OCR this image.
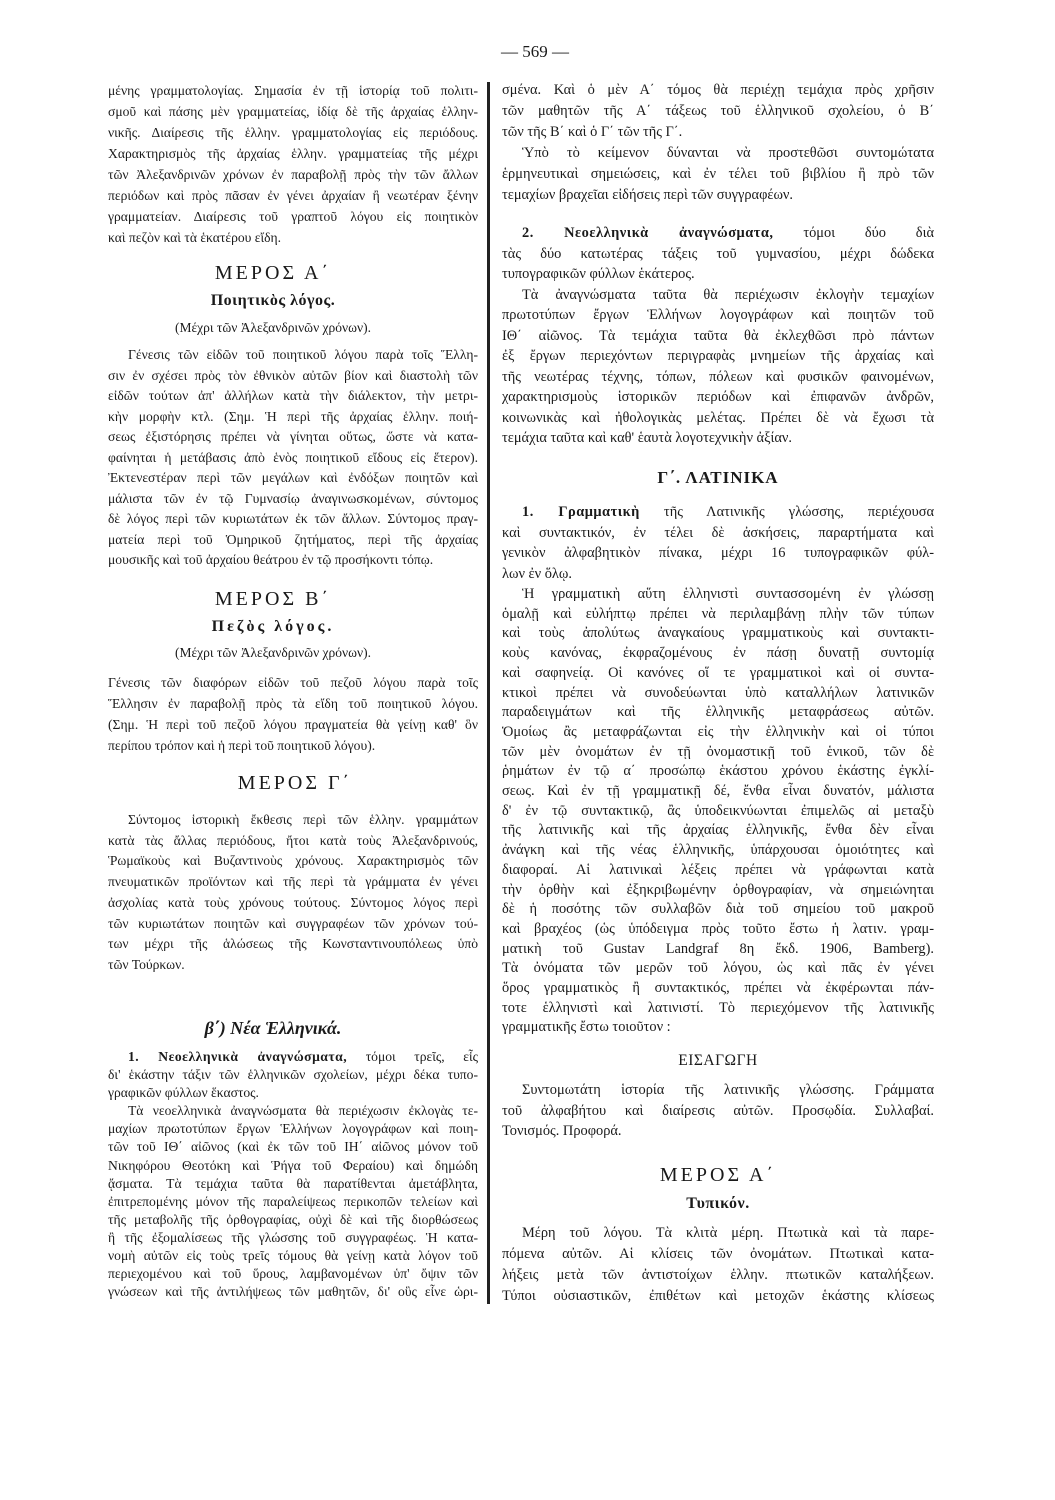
— 569 —
μένης γραμματολογίας. Σημασία ἐν τῇ ἱστορίᾳ τοῦ πολιτι-
σμοῦ καὶ πάσης μὲν γραμματείας, ἰδίᾳ δὲ τῆς ἀρχαίας ἑλλην-
νικῆς. Διαίρεσις τῆς ἑλλην. γραμματολογίας εἰς περιόδους.
Χαρακτηρισμὸς τῆς ἀρχαίας ἑλλην. γραμματείας τῆς μέχρι
τῶν Ἀλεξανδρινῶν χρόνων ἐν παραβολῇ πρὸς τὴν τῶν ἄλλων
περιόδων καὶ πρὸς πᾶσαν ἐν γένει ἀρχαίαν ἢ νεωτέραν ξένην
γραμματείαν. Διαίρεσις τοῦ γραπτοῦ λόγου εἰς ποιητικὸν
καὶ πεζὸν καὶ τὰ ἑκατέρου εἴδη.
ΜΕΡΟΣ Α΄
Ποιητικὸς λόγος.
(Μέχρι τῶν Ἀλεξανδρινῶν χρόνων).
Γένεσις τῶν εἰδῶν τοῦ ποιητικοῦ λόγου παρὰ τοῖς Ἕλλη-
σιν ἐν σχέσει πρὸς τὸν ἐθνικὸν αὐτῶν βίον καὶ διαστολὴ τῶν
εἰδῶν τούτων ἀπ' ἀλλήλων κατὰ τὴν διάλεκτον, τὴν μετρι-
κὴν μορφὴν κτλ. (Σημ. Ἡ περὶ τῆς ἀρχαίας ἑλλην. ποιή-
σεως ἐξιστόρησις πρέπει νὰ γίνηται οὕτως, ὥστε νὰ κατα-
φαίνηται ἡ μετάβασις ἀπὸ ἑνὸς ποιητικοῦ εἴδους εἰς ἕτερον).
Ἐκτενεστέραν περὶ τῶν μεγάλων καὶ ἐνδόξων ποιητῶν καὶ
μάλιστα τῶν ἐν τῷ Γυμνασίῳ ἀναγινωσκομένων, σύντομος
δὲ λόγος περὶ τῶν κυριωτάτων ἐκ τῶν ἄλλων. Σύντομος πραγ-
ματεία περὶ τοῦ Ὁμηρικοῦ ζητήματος, περὶ τῆς ἀρχαίας
μουσικῆς καὶ τοῦ ἀρχαίου θεάτρου ἐν τῷ προσήκοντι τόπῳ.
ΜΕΡΟΣ Β΄
Πεζὸς λόγος.
(Μέχρι τῶν Ἀλεξανδρινῶν χρόνων).
Γένεσις τῶν διαφόρων εἰδῶν τοῦ πεζοῦ λόγου παρὰ τοῖς
Ἕλλησιν ἐν παραβολῇ πρὸς τὰ εἴδη τοῦ ποιητικοῦ λόγου.
(Σημ. Ἡ περὶ τοῦ πεζοῦ λόγου πραγματεία θὰ γείνῃ καθ' ὃν
περίπου τρόπον καὶ ἡ περὶ τοῦ ποιητικοῦ λόγου).
ΜΕΡΟΣ Γ΄
Σύντομος ἱστορικὴ ἔκθεσις περὶ τῶν ἑλλην. γραμμάτων
κατὰ τὰς ἄλλας περιόδους, ἤτοι κατὰ τοὺς Ἀλεξανδρινούς,
Ῥωμαϊκοὺς καὶ Βυζαντινοὺς χρόνους. Χαρακτηρισμὸς τῶν
πνευματικῶν προϊόντων καὶ τῆς περὶ τὰ γράμματα ἐν γένει
ἀσχολίας κατὰ τοὺς χρόνους τούτους. Σύντομος λόγος περὶ
τῶν κυριωτάτων ποιητῶν καὶ συγγραφέων τῶν χρόνων τού-
των μέχρι τῆς ἁλώσεως τῆς Κωνσταντινουπόλεως ὑπὸ
τῶν Τούρκων.
β΄) Νέα Ἑλληνικά.
1. Νεοελληνικὰ ἀναγνώσματα, τόμοι τρεῖς, εἷς
δι' ἑκάστην τάξιν τῶν ἑλληνικῶν σχολείων, μέχρι δέκα τυπο-
γραφικῶν φύλλων ἕκαστος.
Τὰ νεοελληνικὰ ἀναγνώσματα θὰ περιέχωσιν ἐκλογὰς τε-
μαχίων πρωτοτύπων ἔργων Ἑλλήνων λογογράφων καὶ ποιη-
τῶν τοῦ ΙΘ΄ αἰῶνος (καὶ ἐκ τῶν τοῦ ΙΗ΄ αἰῶνος μόνον τοῦ
Νικηφόρου Θεοτόκη καὶ Ῥήγα τοῦ Φεραίου) καὶ δημώδη
ᾄσματα. Τὰ τεμάχια ταῦτα θὰ παρατίθενται ἀμετάβλητα,
ἐπιτρεπομένης μόνον τῆς παραλείψεως περικοπῶν τελείων καὶ
τῆς μεταβολῆς τῆς ὀρθογραφίας, οὐχὶ δὲ καὶ τῆς διορθώσεως
ἢ τῆς ἐξομαλίσεως τῆς γλώσσης τοῦ συγγραφέως. Ἡ κατα-
νομὴ αὐτῶν εἰς τοὺς τρεῖς τόμους θὰ γείνῃ κατὰ λόγον τοῦ
περιεχομένου καὶ τοῦ ὕρους, λαμβανομένων ὑπ' ὄψιν τῶν
γνώσεων καὶ τῆς ἀντιλήψεως τῶν μαθητῶν, δι' οὓς εἶνε ὡρι-
σμένα. Καὶ ὁ μὲν Α΄ τόμος θὰ περιέχῃ τεμάχια πρὸς χρῆσιν
τῶν μαθητῶν τῆς Α΄ τάξεως τοῦ ἑλληνικοῦ σχολείου, ὁ Β΄
τῶν τῆς Β΄ καὶ ὁ Γ΄ τῶν τῆς Γ΄.
Ὑπὸ τὸ κείμενον δύνανται νὰ προστεθῶσι συντομώτατα
ἑρμηνευτικαὶ σημειώσεις, καὶ ἐν τέλει τοῦ βιβλίου ἢ πρὸ τῶν
τεμαχίων βραχεῖαι εἰδήσεις περὶ τῶν συγγραφέων.
2. Νεοελληνικὰ ἀναγνώσματα, τόμοι δύο διὰ
τὰς δύο κατωτέρας τάξεις τοῦ γυμνασίου, μέχρι δώδεκα
τυπογραφικῶν φύλλων ἑκάτερος.
Τὰ ἀναγνώσματα ταῦτα θὰ περιέχωσιν ἐκλογὴν τεμαχίων
πρωτοτύπων ἔργων Ἑλλήνων λογογράφων καὶ ποιητῶν τοῦ
ΙΘ΄ αἰῶνος. Τὰ τεμάχια ταῦτα θὰ ἐκλεχθῶσι πρὸ πάντων
ἐξ ἔργων περιεχόντων περιγραφὰς μνημείων τῆς ἀρχαίας καὶ
τῆς νεωτέρας τέχνης, τόπων, πόλεων καὶ φυσικῶν φαινομένων,
χαρακτηρισμοὺς ἱστορικῶν περιόδων καὶ ἐπιφανῶν ἀνδρῶν,
κοινωνικὰς καὶ ἠθολογικὰς μελέτας. Πρέπει δὲ νὰ ἔχωσι τὰ
τεμάχια ταῦτα καὶ καθ' ἑαυτὰ λογοτεχνικὴν ἀξίαν.
Γ΄. ΛΑΤΙΝΙΚΑ
1. Γραμματικὴ τῆς Λατινικῆς γλώσσης, περιέχουσα
καὶ συντακτικόν, ἐν τέλει δὲ ἀσκήσεις, παραρτήματα καὶ
γενικὸν ἀλφαβητικὸν πίνακα, μέχρι 16 τυπογραφικῶν φύλ-
λων ἐν ὅλῳ.
Ἡ γραμματικὴ αὕτη ἑλληνιστὶ συντασσομένη ἐν γλώσσῃ
ὁμαλῇ καὶ εὐλήπτῳ πρέπει νὰ περιλαμβάνῃ πλὴν τῶν τύπων
καὶ τοὺς ἀπολύτως ἀναγκαίους γραμματικοὺς καὶ συντακτι-
κοὺς κανόνας, ἐκφραζομένους ἐν πάσῃ δυνατῇ συντομίᾳ
καὶ σαφηνείᾳ. Οἱ κανόνες οἵ τε γραμματικοὶ καὶ οἱ συντα-
κτικοὶ πρέπει νὰ συνοδεύωνται ὑπὸ καταλλήλων λατινικῶν
παραδειγμάτων καὶ τῆς ἑλληνικῆς μεταφράσεως αὐτῶν.
Ὁμοίως ἂς μεταφράζωνται εἰς τὴν ἑλληνικὴν καὶ οἱ τύποι
τῶν μὲν ὀνομάτων ἐν τῇ ὀνομαστικῇ τοῦ ἑνικοῦ, τῶν δὲ
ῥημάτων ἐν τῷ α΄ προσώπῳ ἑκάστου χρόνου ἑκάστης ἐγκλί-
σεως. Καὶ ἐν τῇ γραμματικῇ δέ, ἔνθα εἶναι δυνατόν, μάλιστα
δ' ἐν τῷ συντακτικῷ, ἂς ὑποδεικνύωνται ἐπιμελῶς αἱ μεταξὺ
τῆς λατινικῆς καὶ τῆς ἀρχαίας ἑλληνικῆς, ἔνθα δὲν εἶναι
ἀνάγκη καὶ τῆς νέας ἑλληνικῆς, ὑπάρχουσαι ὁμοιότητες καὶ
διαφοραί. Αἱ λατινικαὶ λέξεις πρέπει νὰ γράφωνται κατὰ
τὴν ὀρθὴν καὶ ἐξηκριβωμένην ὀρθογραφίαν, νὰ σημειώνηται
δὲ ἡ ποσότης τῶν συλλαβῶν διὰ τοῦ σημείου τοῦ μακροῦ
καὶ βραχέος (ὡς ὑπόδειγμα πρὸς τοῦτο ἔστω ἡ λατιν. γραμ-
ματικὴ τοῦ Gustav Landgraf 8η ἔκδ. 1906, Bamberg).
Τὰ ὀνόματα τῶν μερῶν τοῦ λόγου, ὡς καὶ πᾶς ἐν γένει
ὅρος γραμματικὸς ἢ συντακτικός, πρέπει νὰ ἐκφέρωνται πάν-
τοτε ἑλληνιστὶ καὶ λατινιστί. Τὸ περιεχόμενον τῆς λατινικῆς
γραμματικῆς ἔστω τοιοῦτον :
ΕΙΣΑΓΩΓΗ
Συντομωτάτη ἱστορία τῆς λατινικῆς γλώσσης. Γράμματα
τοῦ ἀλφαβήτου καὶ διαίρεσις αὐτῶν. Προσῳδία. Συλλαβαί.
Τονισμός. Προφορά.
ΜΕΡΟΣ Α΄
Τυπικόν.
Μέρη τοῦ λόγου. Τὰ κλιτὰ μέρη. Πτωτικὰ καὶ τὰ παρε-
πόμενα αὐτῶν. Αἱ κλίσεις τῶν ὀνομάτων. Πτωτικαὶ κατα-
λήξεις μετὰ τῶν ἀντιστοίχων ἑλλην. πτωτικῶν καταλήξεων.
Τύποι οὐσιαστικῶν, ἐπιθέτων καὶ μετοχῶν ἑκάστης κλίσεως
